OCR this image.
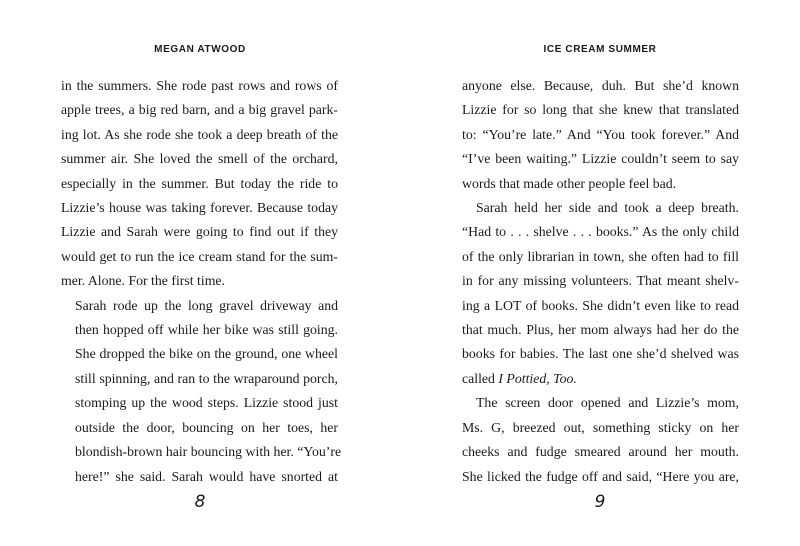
MEGAN ATWOOD

in the summers. She rode past rows and rows of
apple trees, a big red barn, and a big gravel park-
ing lot. As she rode she took a deep breath of the
summer air. She loved the smell of the orchard,
especially in the summer. But today the ride to
Lizzie’s house was taking forever. Because today
Lizzie and Sarah were going to find out if they
would get to run the ice cream stand for the sum-
mer. Alone. For the first time.

Sarah rode up the long gravel driveway and
then hopped off while her bike was still going.
She dropped the bike on the ground, one wheel
still spinning, and ran to the wraparound porch,
stomping up the wood steps. Lizzie stood just
outside the door, bouncing on her toes, her
blondish-brown hair bouncing with her. “You’re
here!” she said. Sarah would have snorted at

8
ICE CREAM SUMMER

anyone else. Because, duh. But she’d known
Lizzie for so long that she knew that translated
to: “You’re late.” And “You took forever.” And
“I’ve been waiting.” Lizzie couldn’t seem to say
words that made other people feel bad.

Sarah held her side and took a deep breath.
“Had to . . . shelve . . . books.” As the only child
of the only librarian in town, she often had to fill
in for any missing volunteers. That meant shelv-
ing a LOT of books. She didn’t even like to read
that much. Plus, her mom always had her do the
books for babies. The last one she’d shelved was
called I Pottied, Too.

The screen door opened and Lizzie’s mom,
Ms. G, breezed out, something sticky on her
cheeks and fudge smeared around her mouth.
She licked the fudge off and said, “Here you are,

9
